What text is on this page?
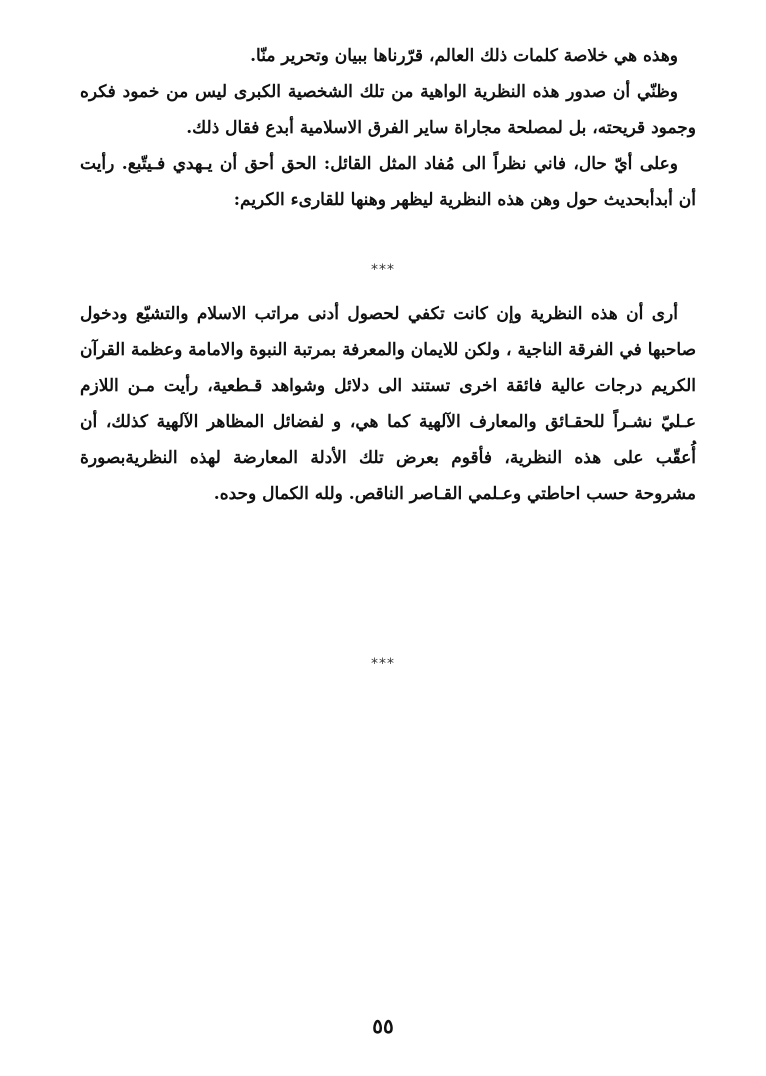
وهذه هي خلاصة كلمات ذلك العالم، قرّرناها ببيان وتحرير منّا.

وظنّي أن صدور هذه النظرية الواهية من تلك الشخصية الكبرى ليس من خمود فكره وجمود قريحته، بل لمصلحة مجاراة ساير الفرق الاسلامية أبدع فقال ذلك.

وعلى أيّ حال، فاني نظراً الى مُفاد المثل القائل: الحق أحق أن يـهدي فـيتّبع. رأيت أن أبدأبحديث حول وهن هذه النظرية ليظهر وهنها للقارىء الكريم:

***

أرى أن هذه النظرية وإن كانت تكفي لحصول أدنى مراتب الاسلام والتشيّع ودخول صاحبها في الفرقة الناجية ، ولكن للايمان والمعرفة بمرتبة النبوة والامامة وعظمة القرآن الكريم درجات عالية فائقة اخرى تستند الى دلائل وشواهد قـطعية، رأيت مـن اللازم عـليّ نشـراً للحقـائق والمعارف الآلهية كما هي، و لفضائل المظاهر الآلهية كذلك، أن أُعقّب على هذه النظرية، فأقوم بعرض تلك الأدلة المعارضة لهذه النظريةبصورة مشروحة حسب احاطتي وعـلمي القـاصر الناقص. ولله الكمال وحده.

***
٥٥
